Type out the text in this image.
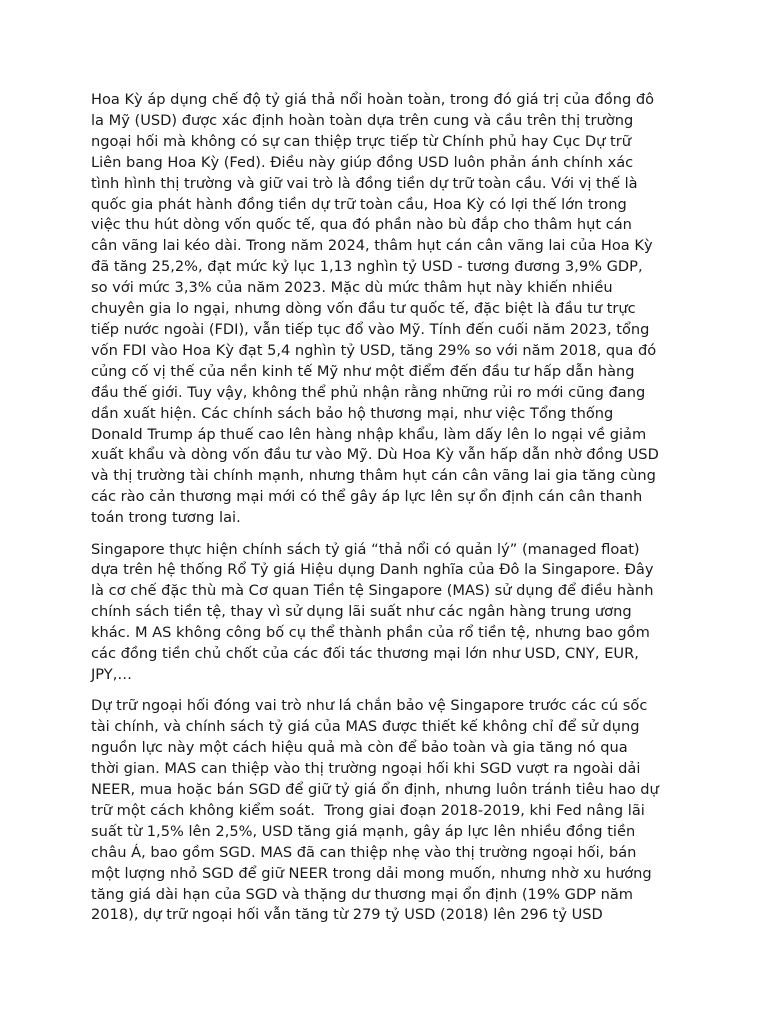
Hoa Kỳ áp dụng chế độ tỷ giá thả nổi hoàn toàn, trong đó giá trị của đồng đô
la Mỹ (USD) được xác định hoàn toàn dựa trên cung và cầu trên thị trường
ngoại hối mà không có sự can thiệp trực tiếp từ Chính phủ hay Cục Dự trữ
Liên bang Hoa Kỳ (Fed). Điều này giúp đồng USD luôn phản ánh chính xác
tình hình thị trường và giữ vai trò là đồng tiền dự trữ toàn cầu. Với vị thế là
quốc gia phát hành đồng tiền dự trữ toàn cầu, Hoa Kỳ có lợi thế lớn trong
việc thu hút dòng vốn quốc tế, qua đó phần nào bù đắp cho thâm hụt cán
cân vãng lai kéo dài. Trong năm 2024, thâm hụt cán cân vãng lai của Hoa Kỳ
đã tăng 25,2%, đạt mức kỷ lục 1,13 nghìn tỷ USD - tương đương 3,9% GDP,
so với mức 3,3% của năm 2023. Mặc dù mức thâm hụt này khiến nhiều
chuyên gia lo ngại, nhưng dòng vốn đầu tư quốc tế, đặc biệt là đầu tư trực
tiếp nước ngoài (FDI), vẫn tiếp tục đổ vào Mỹ. Tính đến cuối năm 2023, tổng
vốn FDI vào Hoa Kỳ đạt 5,4 nghìn tỷ USD, tăng 29% so với năm 2018, qua đó
củng cố vị thế của nền kinh tế Mỹ như một điểm đến đầu tư hấp dẫn hàng
đầu thế giới. Tuy vậy, không thể phủ nhận rằng những rủi ro mới cũng đang
dần xuất hiện. Các chính sách bảo hộ thương mại, như việc Tổng thống
Donald Trump áp thuế cao lên hàng nhập khẩu, làm dấy lên lo ngại về giảm
xuất khẩu và dòng vốn đầu tư vào Mỹ. Dù Hoa Kỳ vẫn hấp dẫn nhờ đồng USD
và thị trường tài chính mạnh, nhưng thâm hụt cán cân vãng lai gia tăng cùng
các rào cản thương mại mới có thể gây áp lực lên sự ổn định cán cân thanh
toán trong tương lai.

Singapore thực hiện chính sách tỷ giá “thả nổi có quản lý” (managed float)
dựa trên hệ thống Rổ Tỷ giá Hiệu dụng Danh nghĩa của Đô la Singapore. Đây
là cơ chế đặc thù mà Cơ quan Tiền tệ Singapore (MAS) sử dụng để điều hành
chính sách tiền tệ, thay vì sử dụng lãi suất như các ngân hàng trung ương
khác. M AS không công bố cụ thể thành phần của rổ tiền tệ, nhưng bao gồm
các đồng tiền chủ chốt của các đối tác thương mại lớn như USD, CNY, EUR,
JPY,…

Dự trữ ngoại hối đóng vai trò như lá chắn bảo vệ Singapore trước các cú sốc
tài chính, và chính sách tỷ giá của MAS được thiết kế không chỉ để sử dụng
nguồn lực này một cách hiệu quả mà còn để bảo toàn và gia tăng nó qua
thời gian. MAS can thiệp vào thị trường ngoại hối khi SGD vượt ra ngoài dải
NEER, mua hoặc bán SGD để giữ tỷ giá ổn định, nhưng luôn tránh tiêu hao dự
trữ một cách không kiểm soát.  Trong giai đoạn 2018-2019, khi Fed nâng lãi
suất từ 1,5% lên 2,5%, USD tăng giá mạnh, gây áp lực lên nhiều đồng tiền
châu Á, bao gồm SGD. MAS đã can thiệp nhẹ vào thị trường ngoại hối, bán
một lượng nhỏ SGD để giữ NEER trong dải mong muốn, nhưng nhờ xu hướng
tăng giá dài hạn của SGD và thặng dư thương mại ổn định (19% GDP năm
2018), dự trữ ngoại hối vẫn tăng từ 279 tỷ USD (2018) lên 296 tỷ USD
